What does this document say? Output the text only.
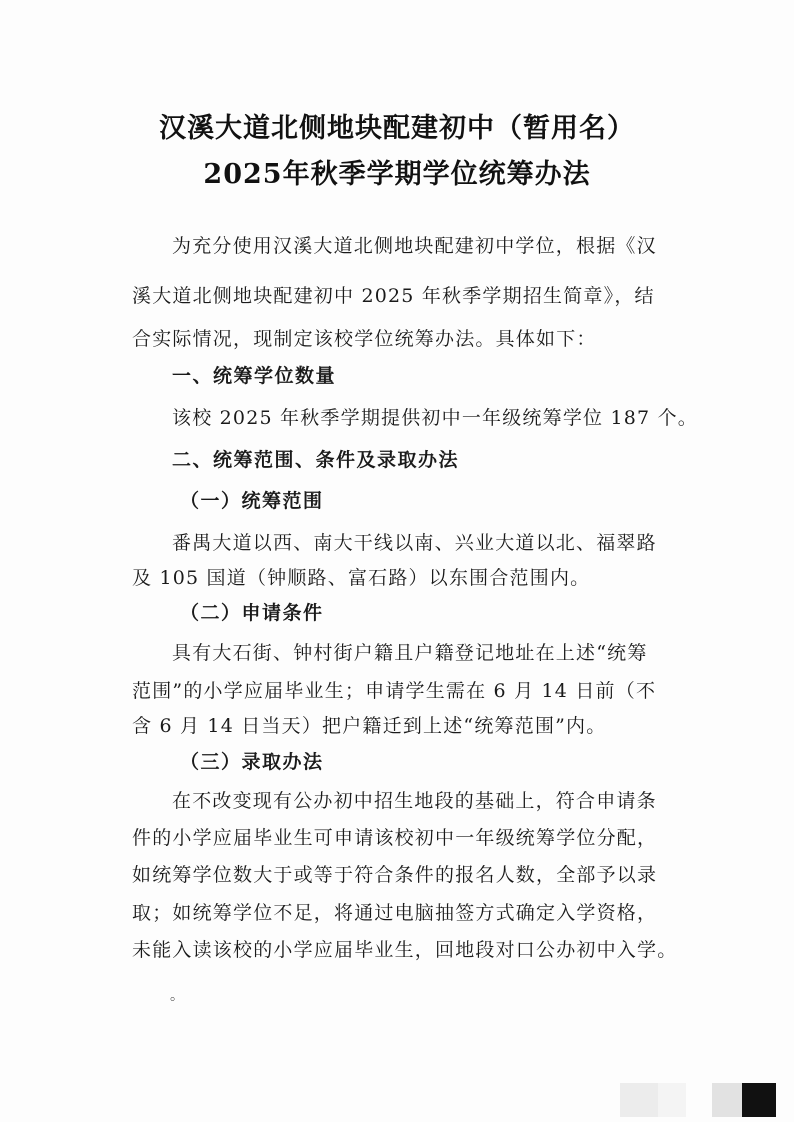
汉溪大道北侧地块配建初中（暂用名）
2025年秋季学期学位统筹办法
为充分使用汉溪大道北侧地块配建初中学位，根据《汉
溪大道北侧地块配建初中 2025 年秋季学期招生简章》，结
合实际情况，现制定该校学位统筹办法。具体如下：
一、统筹学位数量
该校 2025 年秋季学期提供初中一年级统筹学位 187 个。
二、统筹范围、条件及录取办法
（一）统筹范围
番禺大道以西、南大干线以南、兴业大道以北、福翠路
及 105 国道（钟顺路、富石路）以东围合范围内。
（二）申请条件
具有大石街、钟村街户籍且户籍登记地址在上述“统筹
范围”的小学应届毕业生；申请学生需在 6 月 14 日前（不
含 6 月 14 日当天）把户籍迁到上述“统筹范围”内。
（三）录取办法
在不改变现有公办初中招生地段的基础上，符合申请条
件的小学应届毕业生可申请该校初中一年级统筹学位分配，
如统筹学位数大于或等于符合条件的报名人数，全部予以录
取；如统筹学位不足，将通过电脑抽签方式确定入学资格，
未能入读该校的小学应届毕业生，回地段对口公办初中入学。
。
